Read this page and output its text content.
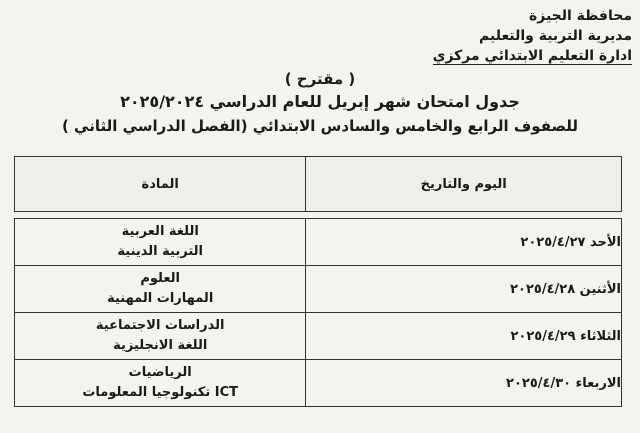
محافظة الجيزة
مديرية التربية والتعليم
ادارة التعليم الابتدائي مركزي
( مقترح )
جدول امتحان شهر إبريل للعام الدراسي ٢٠٢٥/٢٠٢٤
للصفوف الرابع والخامس والسادس الابتدائي (الفصل الدراسي الثاني )
اليوم والتاريخ	المادة

الأحد ٢٠٢٥/٤/٢٧	اللغة العربية
التربية الدينية

الأثنين ٢٠٢٥/٤/٢٨	العلوم
المهارات المهنية

الثلاثاء ٢٠٢٥/٤/٢٩	الدراسات الاجتماعية
اللغة الانجليزية

الاربعاء ٢٠٢٥/٤/٣٠	الرياضيات
ICT تكنولوجيا المعلومات
